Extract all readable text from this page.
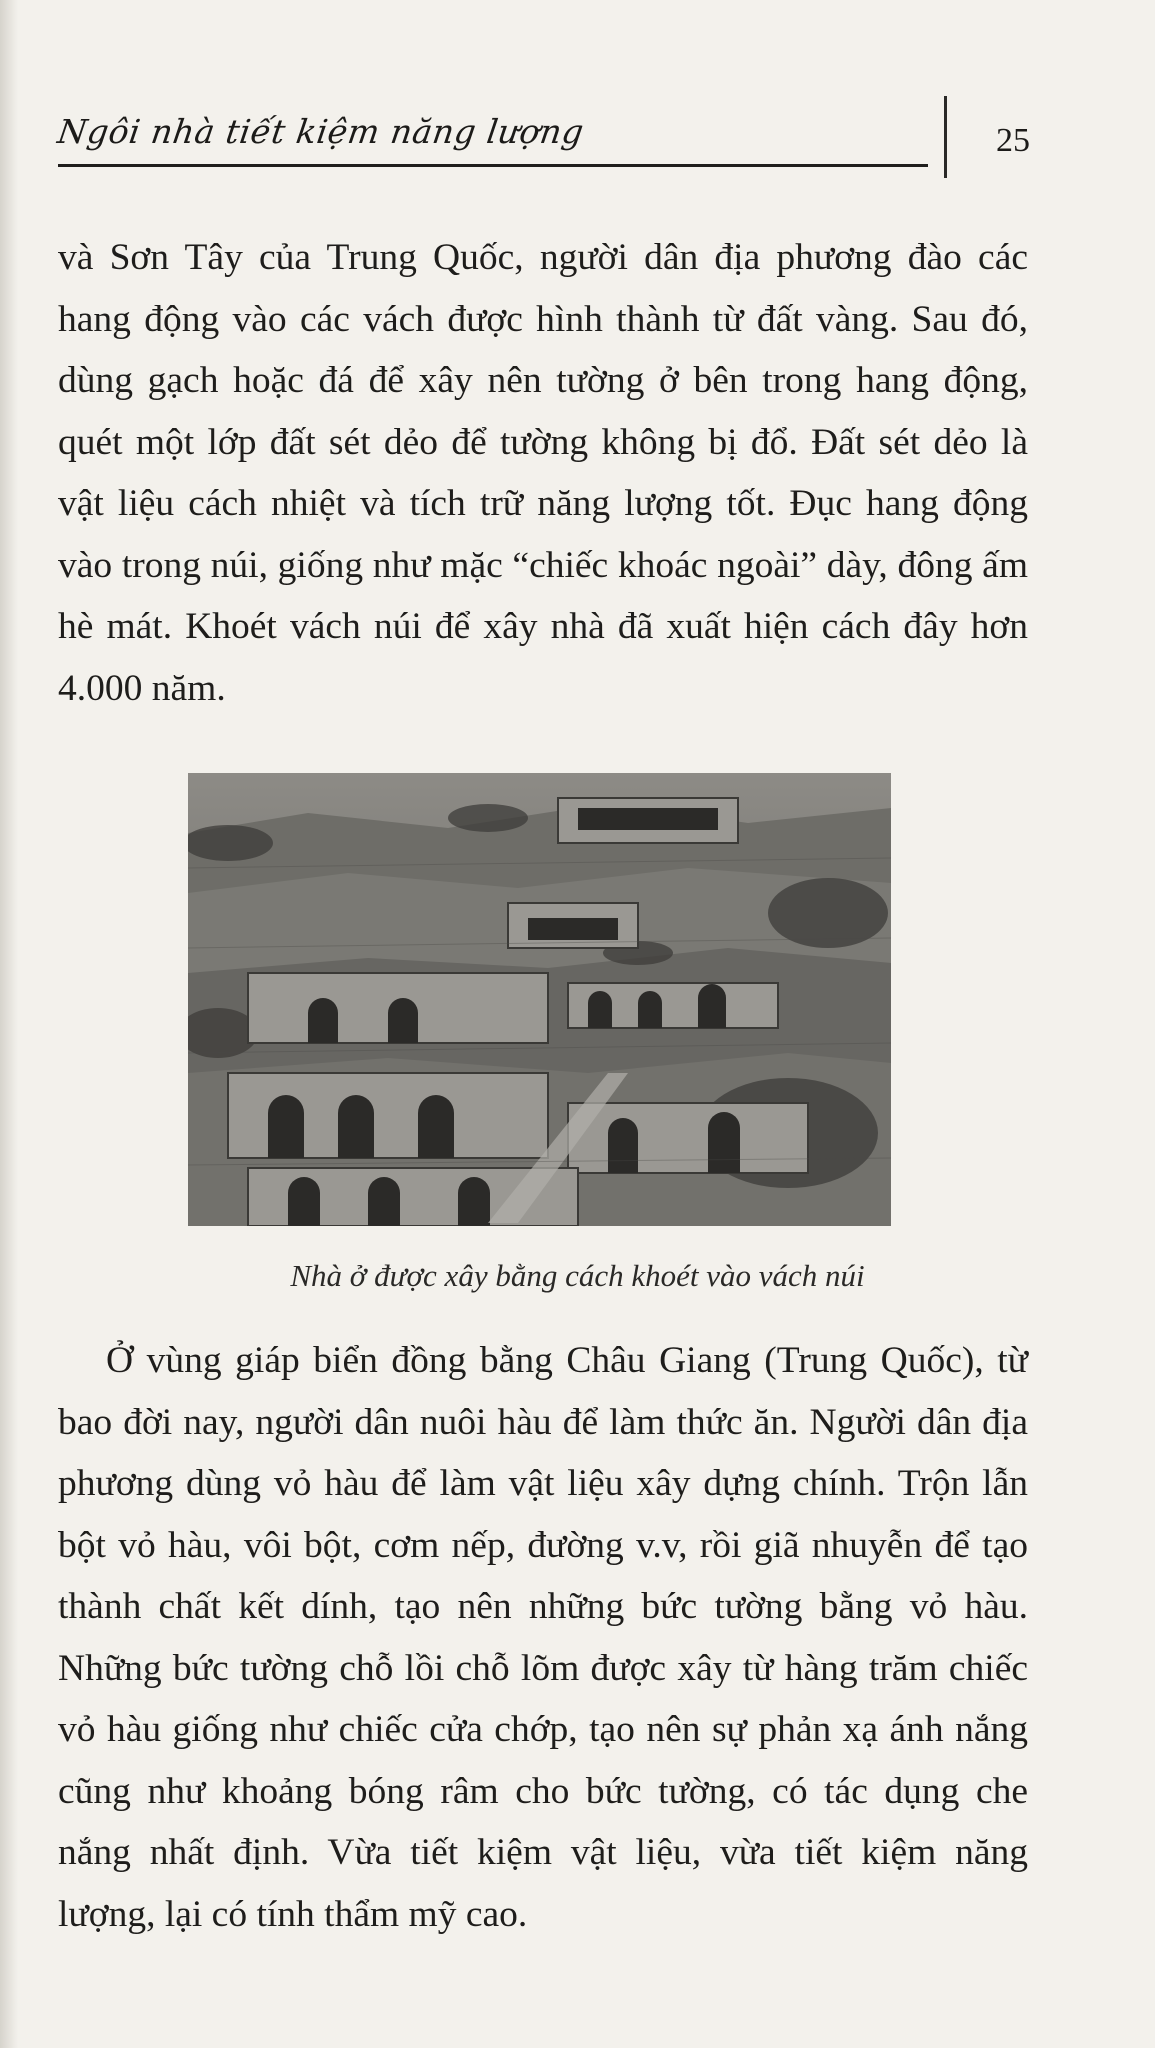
Ngôi nhà tiết kiệm năng lượng	25

và Sơn Tây của Trung Quốc, người dân địa phương đào các hang động vào các vách được hình thành từ đất vàng. Sau đó, dùng gạch hoặc đá để xây nên tường ở bên trong hang động, quét một lớp đất sét dẻo để tường không bị đổ. Đất sét dẻo là vật liệu cách nhiệt và tích trữ năng lượng tốt. Đục hang động vào trong núi, giống như mặc “chiếc khoác ngoài” dày, đông ấm hè mát. Khoét vách núi để xây nhà đã xuất hiện cách đây hơn 4.000 năm.

Nhà ở được xây bằng cách khoét vào vách núi

Ở vùng giáp biển đồng bằng Châu Giang (Trung Quốc), từ bao đời nay, người dân nuôi hàu để làm thức ăn. Người dân địa phương dùng vỏ hàu để làm vật liệu xây dựng chính. Trộn lẫn bột vỏ hàu, vôi bột, cơm nếp, đường v.v, rồi giã nhuyễn để tạo thành chất kết dính, tạo nên những bức tường bằng vỏ hàu. Những bức tường chỗ lồi chỗ lõm được xây từ hàng trăm chiếc vỏ hàu giống như chiếc cửa chớp, tạo nên sự phản xạ ánh nắng cũng như khoảng bóng râm cho bức tường, có tác dụng che nắng nhất định. Vừa tiết kiệm vật liệu, vừa tiết kiệm năng lượng, lại có tính thẩm mỹ cao.
